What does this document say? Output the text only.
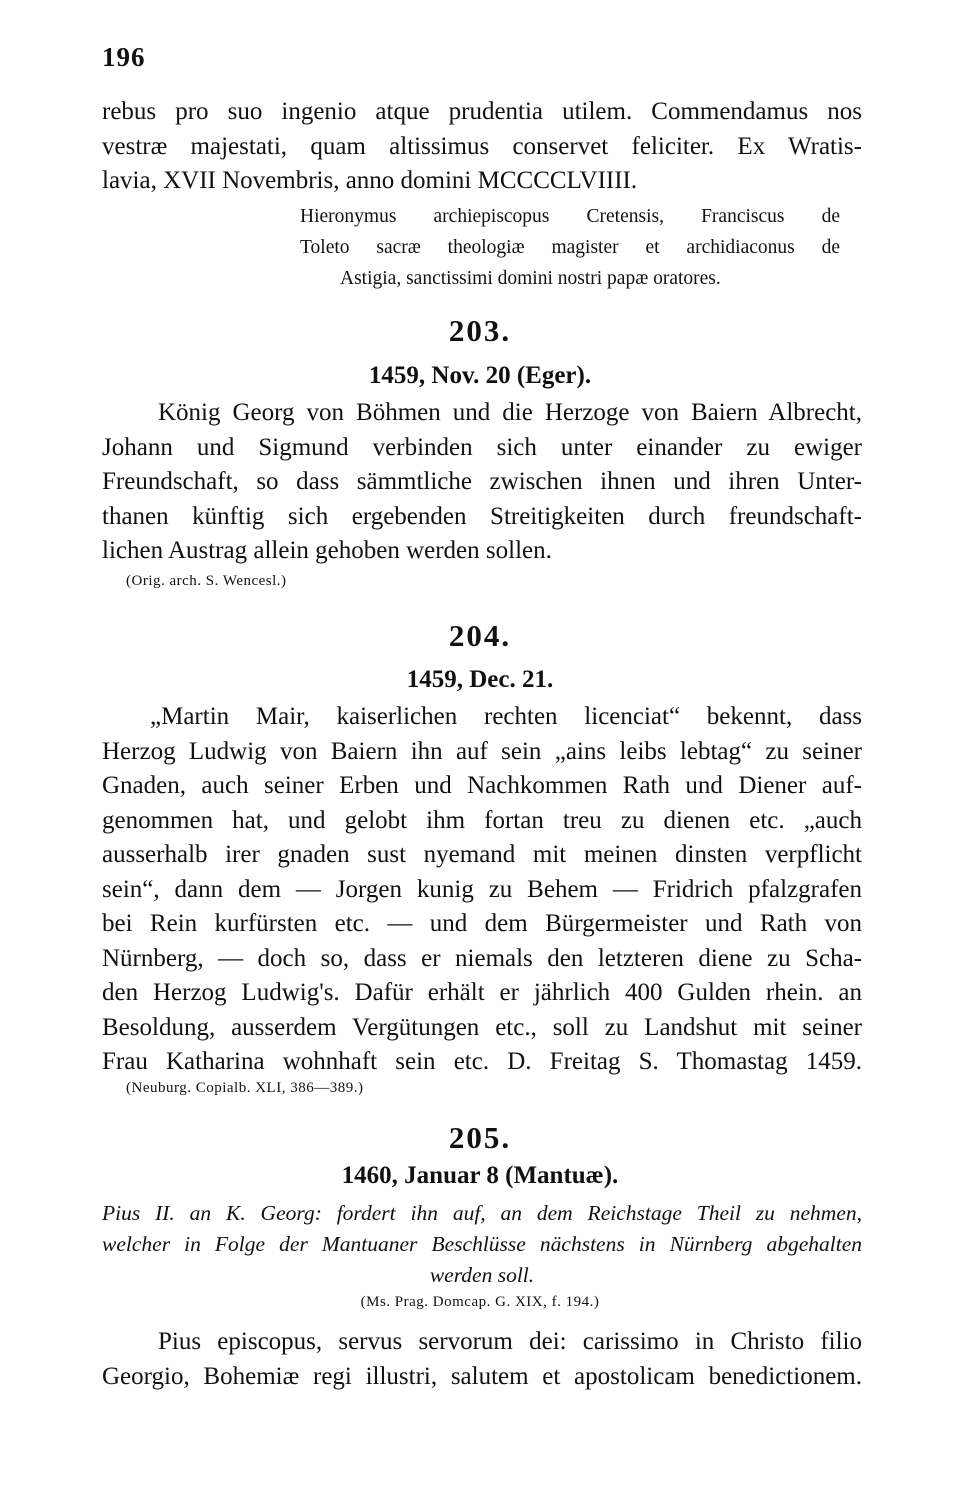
196
rebus pro suo ingenio atque prudentia utilem. Commendamus nos
vestræ majestati, quam altissimus conservet feliciter. Ex Wratis-
lavia, XVII Novembris, anno domini MCCCCLVIIII.
Hieronymus archiepiscopus Cretensis, Franciscus de
Toleto sacræ theologiæ magister et archidiaconus de
Astigia, sanctissimi domini nostri papæ oratores.
203.
1459, Nov. 20 (Eger).
König Georg von Böhmen und die Herzoge von Baiern Albrecht,
Johann und Sigmund verbinden sich unter einander zu ewiger
Freundschaft, so dass sämmtliche zwischen ihnen und ihren Unter-
thanen künftig sich ergebenden Streitigkeiten durch freundschaft-
lichen Austrag allein gehoben werden sollen.
(Orig. arch. S. Wencesl.)
204.
1459, Dec. 21.
„Martin Mair, kaiserlichen rechten licenciat“ bekennt, dass
Herzog Ludwig von Baiern ihn auf sein „ains leibs lebtag“ zu seiner
Gnaden, auch seiner Erben und Nachkommen Rath und Diener auf-
genommen hat, und gelobt ihm fortan treu zu dienen etc. „auch
ausserhalb irer gnaden sust nyemand mit meinen dinsten verpflicht
sein“, dann dem — Jorgen kunig zu Behem — Fridrich pfalzgrafen
bei Rein kurfürsten etc. — und dem Bürgermeister und Rath von
Nürnberg, — doch so, dass er niemals den letzteren diene zu Scha-
den Herzog Ludwig's. Dafür erhält er jährlich 400 Gulden rhein. an
Besoldung, ausserdem Vergütungen etc., soll zu Landshut mit seiner
Frau Katharina wohnhaft sein etc. D. Freitag S. Thomastag 1459.
(Neuburg. Copialb. XLI, 386—389.)
205.
1460, Januar 8 (Mantuæ).
Pius II. an K. Georg: fordert ihn auf, an dem Reichstage Theil zu nehmen,
welcher in Folge der Mantuaner Beschlüsse nächstens in Nürnberg abgehalten
werden soll.
(Ms. Prag. Domcap. G. XIX, f. 194.)
Pius episcopus, servus servorum dei: carissimo in Christo filio
Georgio, Bohemiæ regi illustri, salutem et apostolicam benedictionem.
